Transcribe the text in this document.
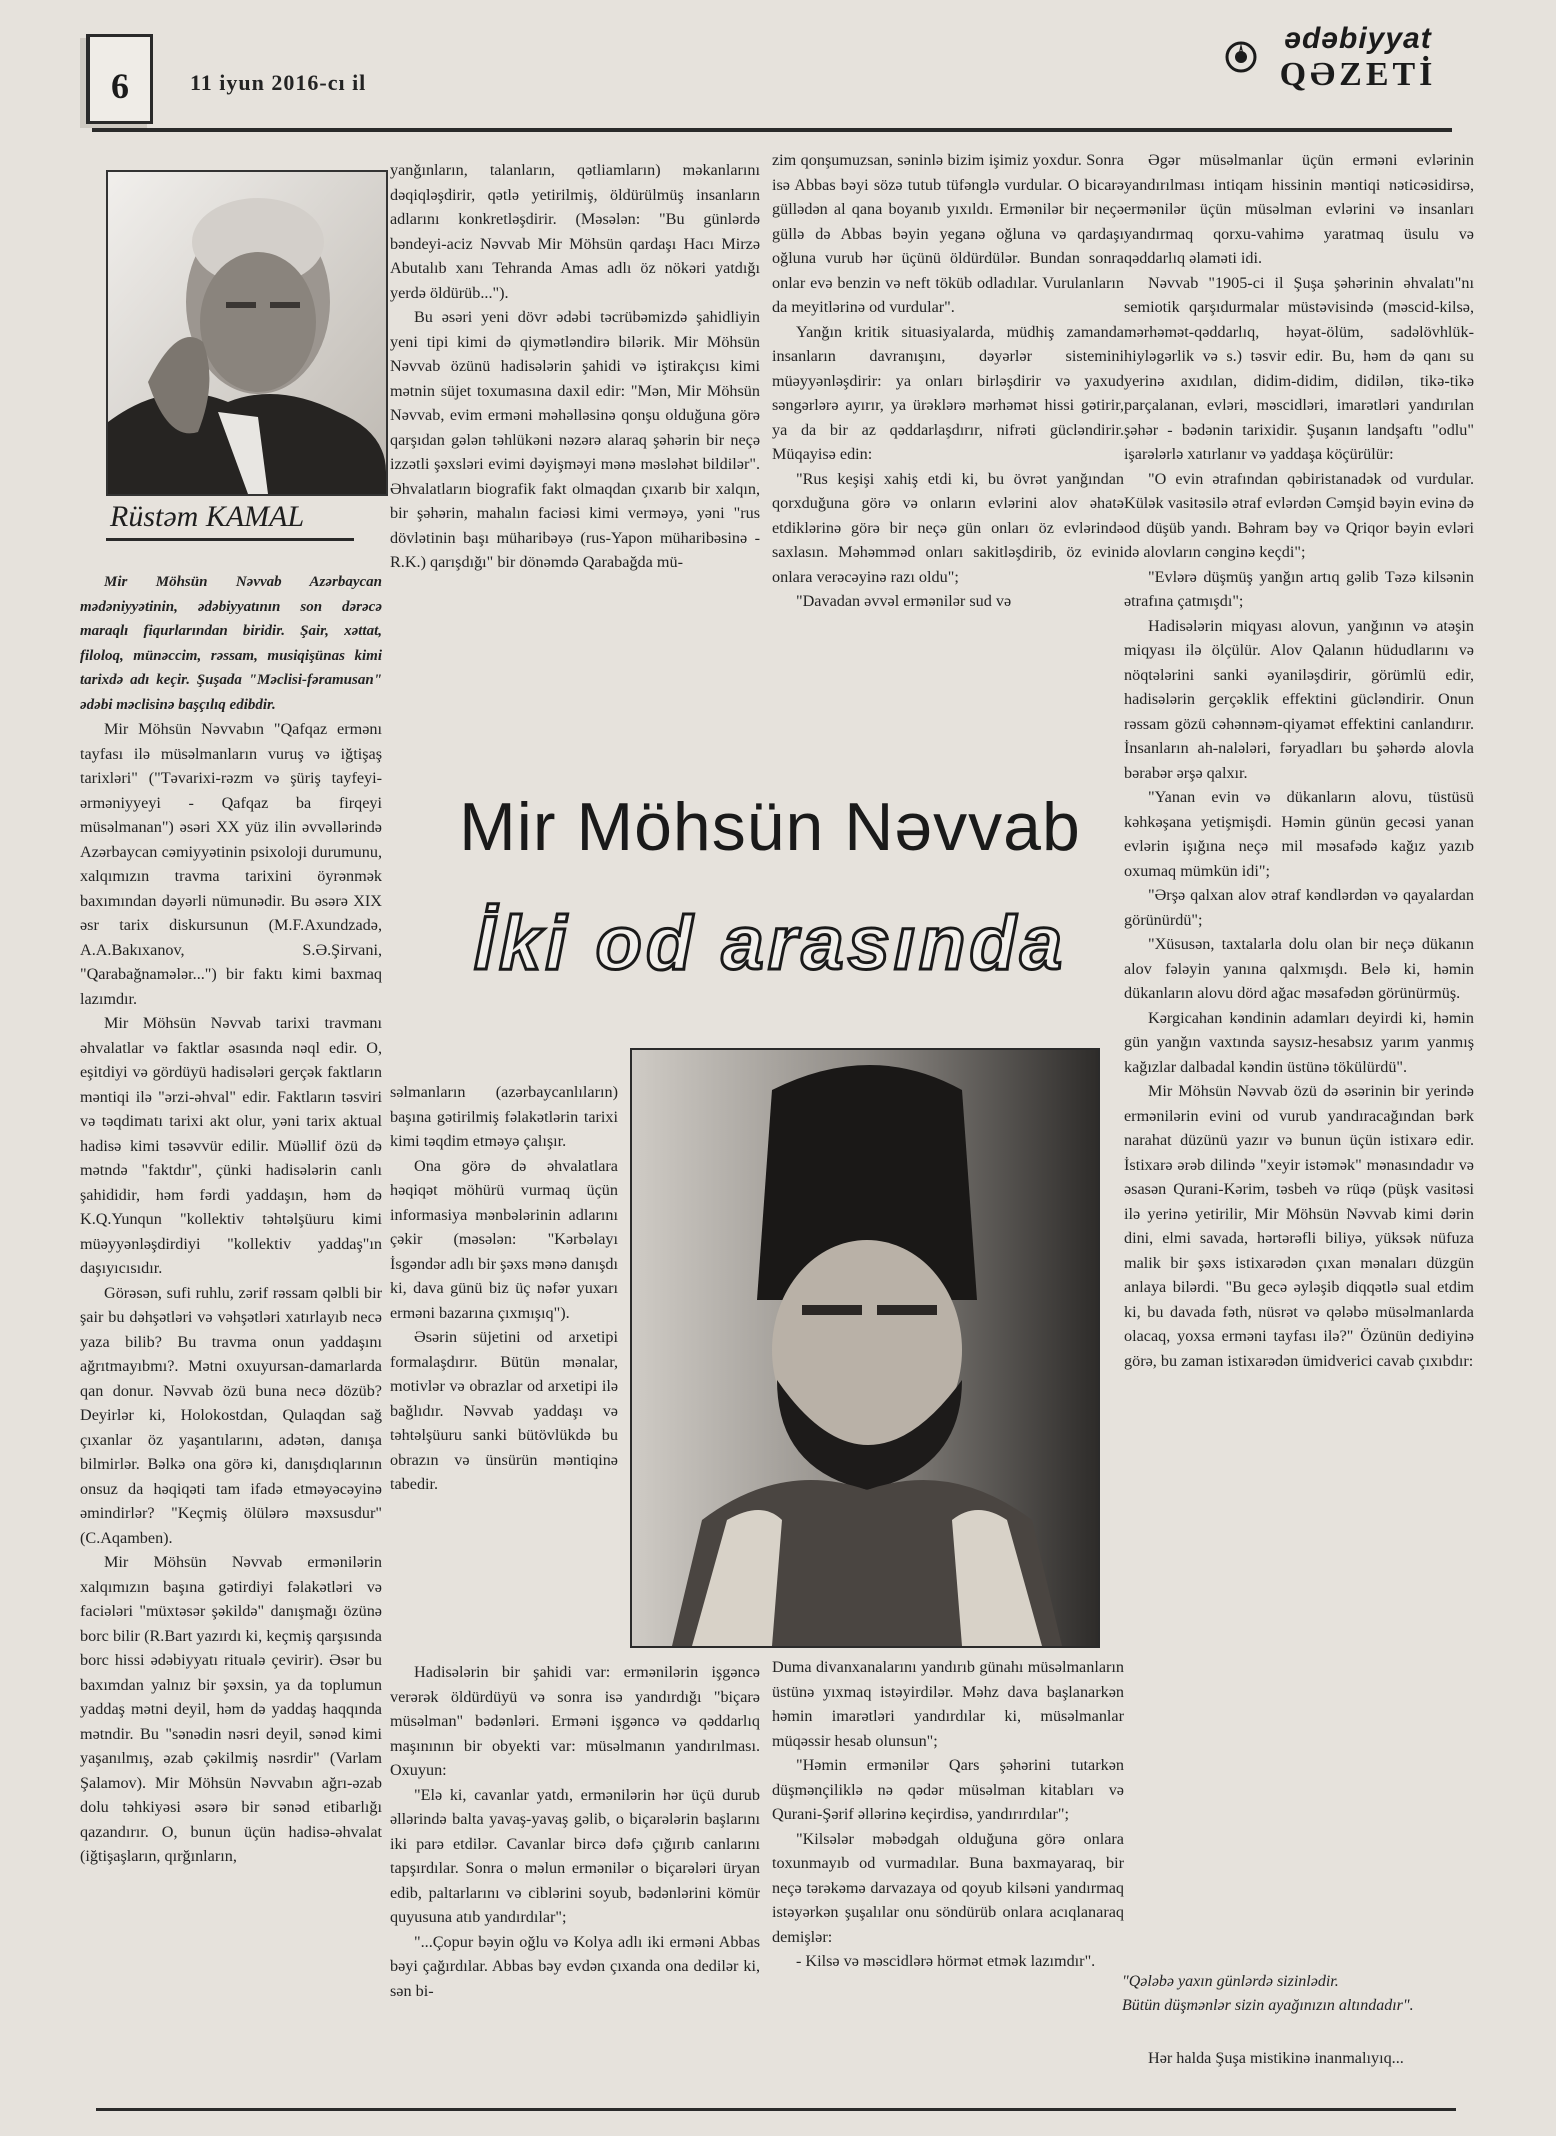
6	11 iyun 2016-cı il
ədəbiyyat
QƏZETİ
Rüstəm KAMAL

Mir Möhsün Nəvvab Azərbaycan mədəniyyətinin, ədəbiyyatının son dərəcə maraqlı fiqurlarından biridir. Şair, xəttat, filoloq, münəccim, rəssam, musiqişünas kimi tarixdə adı keçir. Şuşada "Məclisi-fəramusan" ədəbi məclisinə başçılıq edibdir.

Mir Möhsün Nəvvabın "Qafqaz ermənı tayfası ilə müsəlmanların vuruş və iğtişaş tarixləri" ("Təvarixi-rəzm və şüriş tayfeyi-ərməniyyeyi - Qafqaz ba firqeyi müsəlmanan") əsəri XX yüz ilin əvvəllərində Azərbaycan cəmiyyətinin psixoloji durumunu, xalqımızın travma tarixini öyrənmək baxımından dəyərli nümunədir. Bu əsərə XIX əsr tarix diskursunun (M.F.Axundzadə, A.A.Bakıxanov, S.Ə.Şirvani, "Qarabağnamələr...") bir faktı kimi baxmaq lazımdır.

Mir Möhsün Nəvvab tarixi travmanı əhvalatlar və faktlar əsasında nəql edir. O, eşitdiyi və gördüyü hadisələri gerçək faktların məntiqi ilə "ərzi-əhval" edir. Faktların təsviri və təqdimatı tarixi akt olur, yəni tarix aktual hadisə kimi təsəvvür edilir. Müəllif özü də mətndə "faktdır", çünki hadisələrin canlı şahididir, həm fərdi yaddaşın, həm də K.Q.Yunqun "kollektiv təhtəlşüuru kimi müəyyənləşdirdiyi "kollektiv yaddaş"ın daşıyıcısıdır.

Görəsən, sufi ruhlu, zərif rəssam qəlbli bir şair bu dəhşətləri və vəhşətləri xatırlayıb necə yaza bilib? Bu travma onun yaddaşını ağrıtmayıbmı?. Mətni oxuyursan-damarlarda qan donur. Nəvvab özü buna necə dözüb? Deyirlər ki, Holokostdan, Qulaqdan sağ çıxanlar öz yaşantılarını, adətən, danışa bilmirlər. Bəlkə ona görə ki, danışdıqlarının onsuz da həqiqəti tam ifadə etməyəcəyinə əmindirlər? "Keçmiş ölülərə məxsusdur" (C.Aqamben).

Mir Möhsün Nəvvab ermənilərin xalqımızın başına gətirdiyi fəlakətləri və faciələri "müxtəsər şəkildə" danışmağı özünə borc bilir (R.Bart yazırdı ki, keçmiş qarşısında borc hissi ədəbiyyatı ritualə çevirir). Əsər bu baxımdan yalnız bir şəxsin, ya da toplumun yaddaş mətni deyil, həm də yaddaş haqqında mətndir. Bu "sənədin nəsri deyil, sənəd kimi yaşanılmış, əzab çəkilmiş nəsrdir" (Varlam Şalamov). Mir Möhsün Nəvvabın ağrı-əzab dolu təhkiyəsi əsərə bir sənəd etibarlığı qazandırır. O, bunun üçün hadisə-əhvalat (iğtişaşların, qırğınların,

yanğınların, talanların, qətliamların) məkanlarını dəqiqləşdirir, qətlə yetirilmiş, öldürülmüş insanların adlarını konkretləşdirir. (Məsələn: "Bu günlərdə bəndeyi-aciz Nəvvab Mir Möhsün qardaşı Hacı Mirzə Abutalıb xanı Tehranda Amas adlı öz nökəri yatdığı yerdə öldürüb...").

Bu əsəri yeni dövr ədəbi təcrübəmizdə şahidliyin yeni tipi kimi də qiymətləndirə bilərik. Mir Möhsün Nəvvab özünü hadisələrin şahidi və iştirakçısı kimi mətnin süjet toxumasına daxil edir: "Mən, Mir Möhsün Nəvvab, evim erməni məhəlləsinə qonşu olduğuna görə qarşıdan gələn təhlükəni nəzərə alaraq şəhərin bir neçə izzətli şəxsləri evimi dəyişməyi mənə məsləhət bildilər". Əhvalatların biografik fakt olmaqdan çıxarıb bir xalqın, bir şəhərin, mahalın faciəsi kimi verməyə, yəni "rus dövlətinin başı müharibəyə (rus-Yapon müharibəsinə - R.K.) qarışdığı" bir dönəmdə Qarabağda mü-

zim qonşumuzsan, səninlə bizim işimiz yoxdur. Sonra isə Abbas bəyi sözə tutub tüfənglə vurdular. O bicarə güllədən al qana boyanıb yıxıldı. Ermənilər bir neçə güllə də Abbas bəyin yeganə oğluna və qardaşı oğluna vurub hər üçünü öldürdülər. Bundan sonra onlar evə benzin və neft töküb odladılar. Vurulanların da meyitlərinə od vurdular".

Yanğın kritik situasiyalarda, müdhiş zamanda insanların davranışını, dəyərlər sistemini müəyyənləşdirir: ya onları birləşdirir və yaxud səngərlərə ayırır, ya ürəklərə mərhəmət hissi gətirir, ya da bir az qəddarlaşdırır, nifrəti gücləndirir. Müqayisə edin:

"Rus keşişi xahiş etdi ki, bu övrət yanğından qorxduğuna görə və onların evlərini alov əhatə etdiklərinə görə bir neçə gün onları öz evlərində saxlasın. Məhəmməd onları sakitləşdirib, öz evini onlara verəcəyinə razı oldu";

"Davadan əvvəl ermənilər sud və

Mir Möhsün Nəvvab
İki od arasında

səlmanların (azərbaycanlıların) başına gətirilmiş fəlakətlərin tarixi kimi təqdim etməyə çalışır.

Ona görə də əhvalatlara həqiqət möhürü vurmaq üçün informasiya mənbələrinin adlarını çəkir (məsələn: "Kərbəlayı İsgəndər adlı bir şəxs mənə danışdı ki, dava günü biz üç nəfər yuxarı erməni bazarına çıxmışıq").

Əsərin süjetini od arxetipi formalaşdırır. Bütün mənalar, motivlər və obrazlar od arxetipi ilə bağlıdır. Nəvvab yaddaşı və təhtəlşüuru sanki bütövlükdə bu obrazın və ünsürün məntiqinə tabedir.

Hadisələrin bir şahidi var: ermənilərin işgəncə verərək öldürdüyü və sonra isə yandırdığı "biçarə müsəlman" bədənləri. Erməni işgəncə və qəddarlıq maşınının bir obyekti var: müsəlmanın yandırılması. Oxuyun:

"Elə ki, cavanlar yatdı, ermənilərin hər üçü durub əllərində balta yavaş-yavaş gəlib, o biçarələrin başlarını iki parə etdilər. Cavanlar bircə dəfə çığırıb canlarını tapşırdılar. Sonra o məlun ermənilər o biçarələri üryan edib, paltarlarını və ciblərini soyub, bədənlərini kömür quyusuna atıb yandırdılar";

"...Çopur bəyin oğlu və Kolya adlı iki erməni Abbas bəyi çağırdılar. Abbas bəy evdən çıxanda ona dedilər ki, sən bi-

Duma divanxanalarını yandırıb günahı müsəlmanların üstünə yıxmaq istəyirdilər. Məhz dava başlanarkən həmin imarətləri yandırdılar ki, müsəlmanlar müqəssir hesab olunsun";

"Həmin ermənilər Qars şəhərini tutarkən düşmənçiliklə nə qədər müsəlman kitabları və Qurani-Şərif əllərinə keçirdisə, yandırırdılar";

"Kilsələr məbədgah olduğuna görə onlara toxunmayıb od vurmadılar. Buna baxmayaraq, bir neçə tərəkəmə darvazaya od qoyub kilsəni yandırmaq istəyərkən şuşalılar onu söndürüb onlara acıqlanaraq demişlər:

- Kilsə və məscidlərə hörmət etmək lazımdır".

Əgər müsəlmanlar üçün erməni evlərinin yandırılması intiqam hissinin məntiqi nəticəsidirsə, ermənilər üçün müsəlman evlərini və insanları yandırmaq qorxu-vahimə yaratmaq üsulu və qəddarlıq əlaməti idi.

Nəvvab "1905-ci il Şuşa şəhərinin əhvalatı"nı semiotik qarşıdurmalar müstəvisində (məscid-kilsə, mərhəmət-qəddarlıq, həyat-ölüm, sadəlövhlük-hiyləgərlik və s.) təsvir edir. Bu, həm də qanı su yerinə axıdılan, didim-didim, didilən, tikə-tikə parçalanan, evləri, məscidləri, imarətləri yandırılan şəhər - bədənin tarixidir. Şuşanın landşaftı "odlu" işarələrlə xatırlanır və yaddaşa köçürülür:

"O evin ətrafından qəbiristanadək od vurdular. Külək vasitəsilə ətraf evlərdən Cəmşid bəyin evinə də od düşüb yandı. Bəhram bəy və Qriqor bəyin evləri də alovların cənginə keçdi";

"Evlərə düşmüş yanğın artıq gəlib Təzə kilsənin ətrafına çatmışdı";

Hadisələrin miqyası alovun, yanğının və atəşin miqyası ilə ölçülür. Alov Qalanın hüdudlarını və nöqtələrini sanki əyaniləşdirir, görümlü edir, hadisələrin gerçəklik effektini gücləndirir. Onun rəssam gözü cəhənnəm-qiyamət effektini canlandırır. İnsanların ah-nalələri, fəryadları bu şəhərdə alovla bərabər ərşə qalxır.

"Yanan evin və dükanların alovu, tüstüsü kəhkəşana yetişmişdi. Həmin günün gecəsi yanan evlərin işığına neçə mil məsafədə kağız yazıb oxumaq mümkün idi";

"Ərşə qalxan alov ətraf kəndlərdən və qayalardan görünürdü";

"Xüsusən, taxtalarla dolu olan bir neçə dükanın alov fələyin yanına qalxmışdı. Belə ki, həmin dükanların alovu dörd ağac məsafədən görünürmüş.

Kərgicahan kəndinin adamları deyirdi ki, həmin gün yanğın vaxtında saysız-hesabsız yarım yanmış kağızlar dalbadal kəndin üstünə tökülürdü".

Mir Möhsün Nəvvab özü də əsərinin bir yerində ermənilərin evini od vurub yandıracağından bərk narahat düzünü yazır və bunun üçün istixarə edir. İstixarə ərəb dilində "xeyir istəmək" mənasındadır və əsasən Qurani-Kərim, təsbeh və rüqə (püşk vasitəsi ilə yerinə yetirilir, Mir Möhsün Nəvvab kimi dərin dini, elmi savada, hərtərəfli biliyə, yüksək nüfuza malik bir şəxs istixarədən çıxan mənaları düzgün anlaya bilərdi. "Bu gecə əyləşib diqqətlə sual etdim ki, bu davada fəth, nüsrət və qələbə müsəlmanlarda olacaq, yoxsa erməni tayfası ilə?" Özünün dediyinə görə, bu zaman istixarədən ümidverici cavab çıxıbdır:

"Qələbə yaxın günlərdə sizinlədir.
Bütün düşmənlər sizin ayağınızın altındadır".
Hər halda Şuşa mistikinə inanmalıyıq...
